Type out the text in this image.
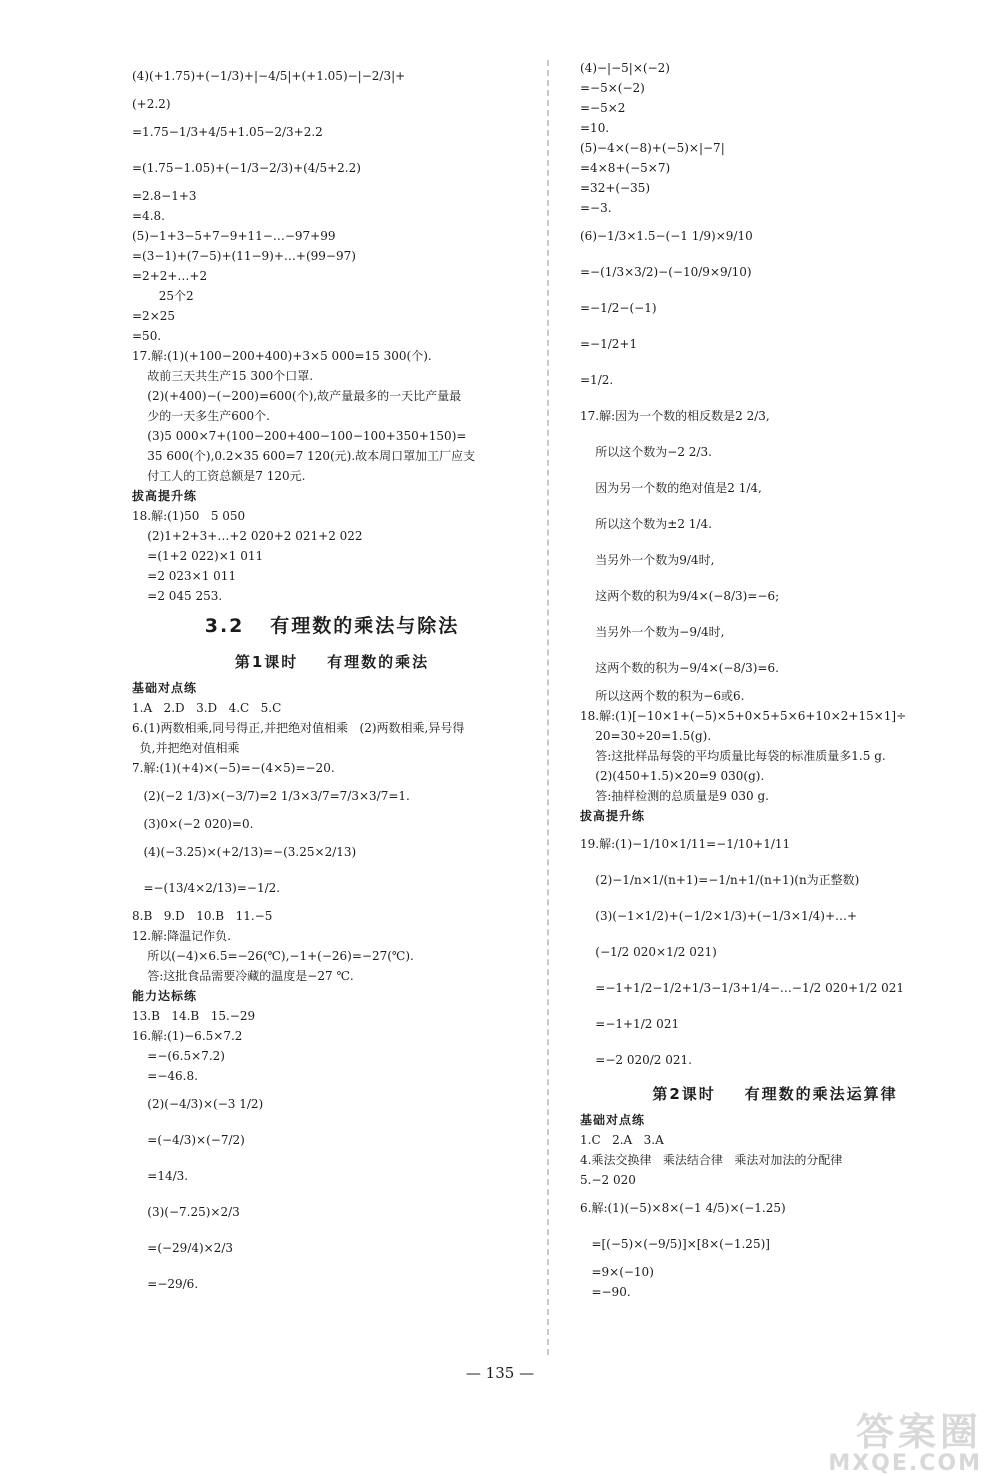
(4)(+1.75)+(−1/3)+|−4/5|+(+1.05)−|−2/3|+
(+2.2)
=1.75−1/3+4/5+1.05−2/3+2.2
=(1.75−1.05)+(−1/3−2/3)+(4/5+2.2)
=2.8−1+3
=4.8.
(5)−1+3−5+7−9+11−…−97+99
=(3−1)+(7−5)+(11−9)+…+(99−97)
=2+2+…+2
25个2
=2×25
=50.
17.解:(1)(+100−200+400)+3×5 000=15 300(个).
故前三天共生产15 300个口罩.
(2)(+400)−(−200)=600(个),故产量最多的一天比产量最
少的一天多生产600个.
(3)5 000×7+(100−200+400−100−100+350+150)=
35 600(个),0.2×35 600=7 120(元).故本周口罩加工厂应支
付工人的工资总额是7 120元.
拔高提升练
18.解:(1)50   5 050
(2)1+2+3+…+2 020+2 021+2 022
=(1+2 022)×1 011
=2 023×1 011
=2 045 253.
3.2   有理数的乘法与除法
第1课时    有理数的乘法
基础对点练
1.A   2.D   3.D   4.C   5.C
6.(1)两数相乘,同号得正,并把绝对值相乘   (2)两数相乘,异号得
负,并把绝对值相乘
7.解:(1)(+4)×(−5)=−(4×5)=−20.
(2)(−2 1/3)×(−3/7)=2 1/3×3/7=7/3×3/7=1.
(3)0×(−2 020)=0.
(4)(−3.25)×(+2/13)=−(3.25×2/13)
=−(13/4×2/13)=−1/2.
8.B   9.D   10.B   11.−5
12.解:降温记作负.
所以(−4)×6.5=−26(℃),−1+(−26)=−27(℃).
答:这批食品需要冷藏的温度是−27 ℃.
能力达标练
13.B   14.B   15.−29
16.解:(1)−6.5×7.2
=−(6.5×7.2)
=−46.8.
(2)(−4/3)×(−3 1/2)
=(−4/3)×(−7/2)
=14/3.
(3)(−7.25)×2/3
=(−29/4)×2/3
=−29/6.
(4)−|−5|×(−2)
=−5×(−2)
=−5×2
=10.
(5)−4×(−8)+(−5)×|−7|
=4×8+(−5×7)
=32+(−35)
=−3.
(6)−1/3×1.5−(−1 1/9)×9/10
=−(1/3×3/2)−(−10/9×9/10)
=−1/2−(−1)
=−1/2+1
=1/2.
17.解:因为一个数的相反数是2 2/3,
所以这个数为−2 2/3.
因为另一个数的绝对值是2 1/4,
所以这个数为±2 1/4.
当另外一个数为9/4时,
这两个数的积为9/4×(−8/3)=−6;
当另外一个数为−9/4时,
这两个数的积为−9/4×(−8/3)=6.
所以这两个数的积为−6或6.
18.解:(1)[−10×1+(−5)×5+0×5+5×6+10×2+15×1]÷
20=30÷20=1.5(g).
答:这批样品每袋的平均质量比每袋的标准质量多1.5 g.
(2)(450+1.5)×20=9 030(g).
答:抽样检测的总质量是9 030 g.
拔高提升练
19.解:(1)−1/10×1/11=−1/10+1/11
(2)−1/n×1/(n+1)=−1/n+1/(n+1)(n为正整数)
(3)(−1×1/2)+(−1/2×1/3)+(−1/3×1/4)+…+
(−1/2 020×1/2 021)
=−1+1/2−1/2+1/3−1/3+1/4−…−1/2 020+1/2 021
=−1+1/2 021
=−2 020/2 021.
第2课时    有理数的乘法运算律
基础对点练
1.C   2.A   3.A
4.乘法交换律   乘法结合律   乘法对加法的分配律
5.−2 020
6.解:(1)(−5)×8×(−1 4/5)×(−1.25)
=[(−5)×(−9/5)]×[8×(−1.25)]
=9×(−10)
=−90.
— 135 —
答案圈
MXQE.COM
